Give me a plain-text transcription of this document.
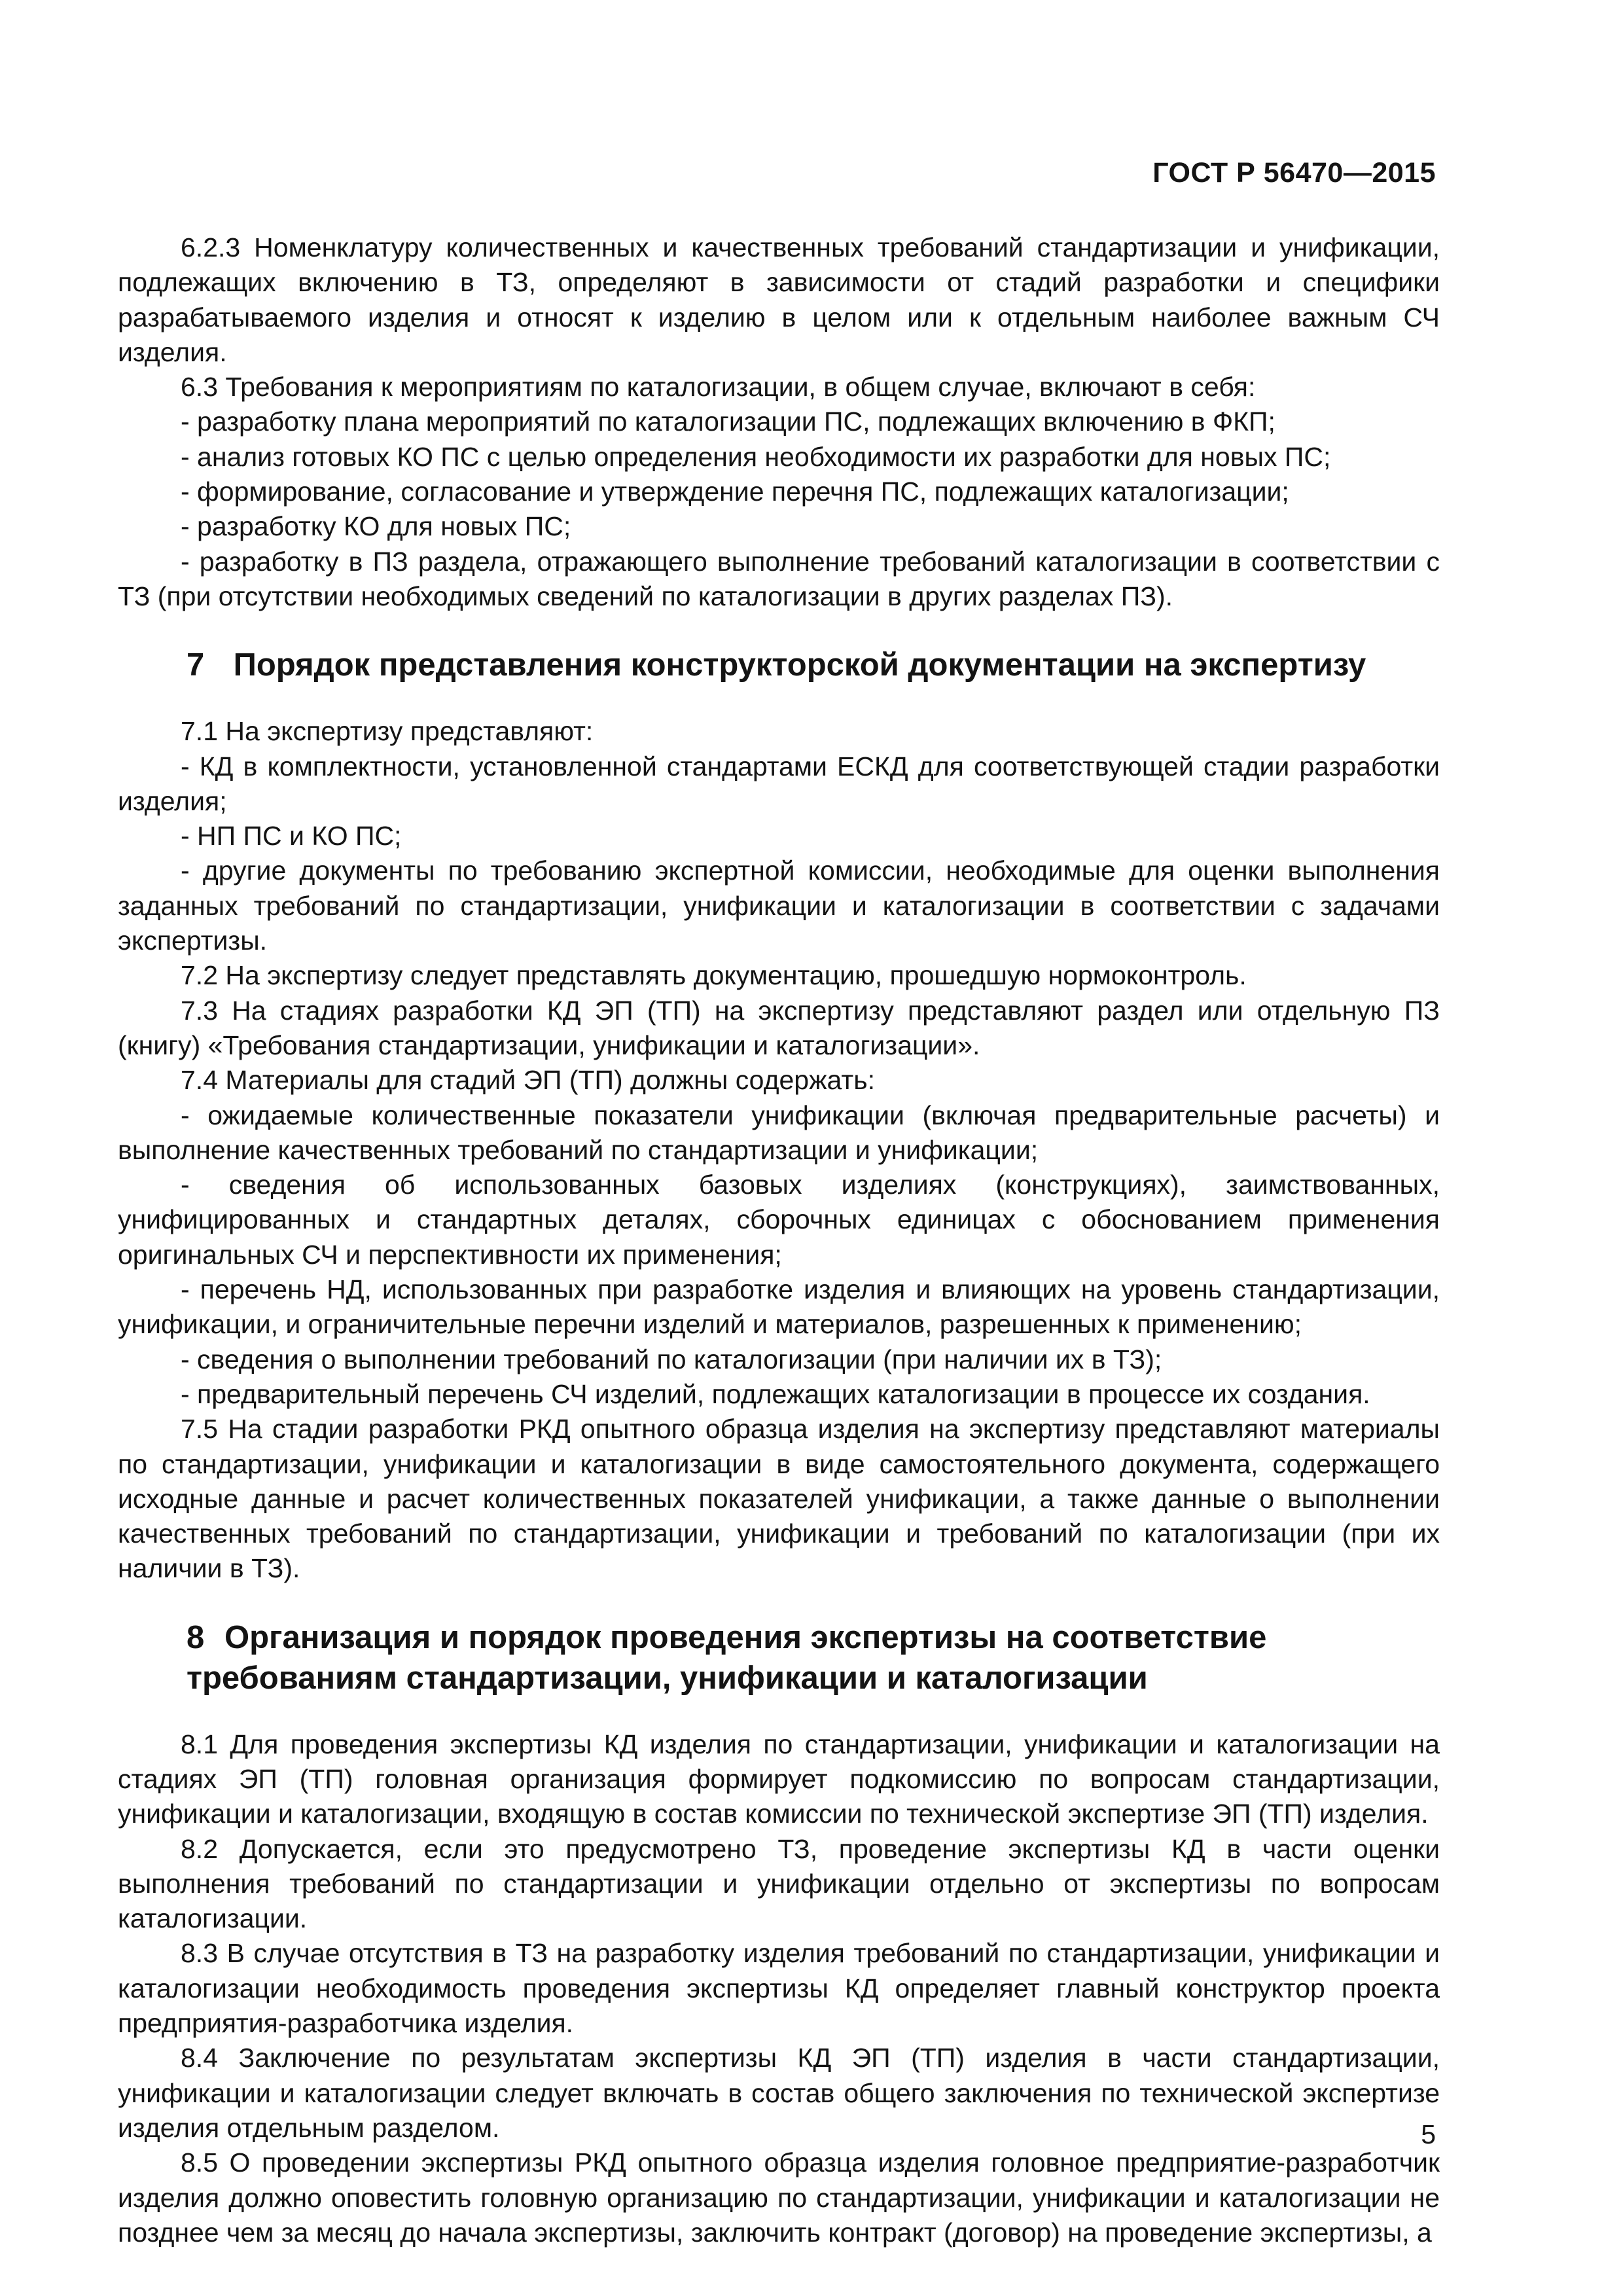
ГОСТ Р 56470—2015

6.2.3 Номенклатуру количественных и качественных требований стандартизации и унификации, подлежащих включению в ТЗ, определяют в зависимости от стадий разработки и специфики разрабатываемого изделия и относят к изделию в целом или к отдельным наиболее важным СЧ изделия.

6.3 Требования к мероприятиям по каталогизации, в общем случае, включают в себя:

- разработку плана мероприятий по каталогизации ПС, подлежащих включению в ФКП;

- анализ готовых КО ПС с целью определения необходимости их разработки для новых ПС;

- формирование, согласование и утверждение перечня ПС, подлежащих каталогизации;

- разработку КО для новых ПС;

- разработку в ПЗ раздела, отражающего выполнение требований каталогизации в соответствии с ТЗ (при отсутствии необходимых сведений по каталогизации в других разделах ПЗ).

7 Порядок представления конструкторской документации на экспертизу

7.1 На экспертизу представляют:

- КД в комплектности, установленной стандартами ЕСКД для соответствующей стадии разработки изделия;

- НП ПС и КО ПС;

- другие документы по требованию экспертной комиссии, необходимые для оценки выполнения заданных требований по стандартизации, унификации и каталогизации в соответствии с задачами экспертизы.

7.2 На экспертизу следует представлять документацию, прошедшую нормоконтроль.

7.3 На стадиях разработки КД ЭП (ТП) на экспертизу представляют раздел или отдельную ПЗ (книгу) «Требования стандартизации, унификации и каталогизации».

7.4 Материалы для стадий ЭП (ТП) должны содержать:

- ожидаемые количественные показатели унификации (включая предварительные расчеты) и выполнение качественных требований по стандартизации и унификации;

- сведения об использованных базовых изделиях (конструкциях), заимствованных, унифицированных и стандартных деталях, сборочных единицах с обоснованием применения оригинальных СЧ и перспективности их применения;

- перечень НД, использованных при разработке изделия и влияющих на уровень стандартизации, унификации, и ограничительные перечни изделий и материалов, разрешенных к применению;

- сведения о выполнении требований по каталогизации (при наличии их в ТЗ);

- предварительный перечень СЧ изделий, подлежащих каталогизации в процессе их создания.

7.5 На стадии разработки РКД опытного образца изделия на экспертизу представляют материалы по стандартизации, унификации и каталогизации в виде самостоятельного документа, содержащего исходные данные и расчет количественных показателей унификации, а также данные о выполнении качественных требований по стандартизации, унификации и требований по каталогизации (при их наличии в ТЗ).

8 Организация и порядок проведения экспертизы на соответствие
требованиям стандартизации, унификации и каталогизации

8.1 Для проведения экспертизы КД изделия по стандартизации, унификации и каталогизации на стадиях ЭП (ТП) головная организация формирует подкомиссию по вопросам стандартизации, унификации и каталогизации, входящую в состав комиссии по технической экспертизе ЭП (ТП) изделия.

8.2 Допускается, если это предусмотрено ТЗ, проведение экспертизы КД в части оценки выполнения требований по стандартизации и унификации отдельно от экспертизы по вопросам каталогизации.

8.3 В случае отсутствия в ТЗ на разработку изделия требований по стандартизации, унификации и каталогизации необходимость проведения экспертизы КД определяет главный конструктор проекта предприятия-разработчика изделия.

8.4 Заключение по результатам экспертизы КД ЭП (ТП) изделия в части стандартизации, унификации и каталогизации следует включать в состав общего заключения по технической экспертизе изделия отдельным разделом.

8.5 О проведении экспертизы РКД опытного образца изделия головное предприятие-разработчик изделия должно оповестить головную организацию по стандартизации, унификации и каталогизации не позднее чем за месяц до начала экспертизы, заключить контракт (договор) на проведение экспертизы, а

5
